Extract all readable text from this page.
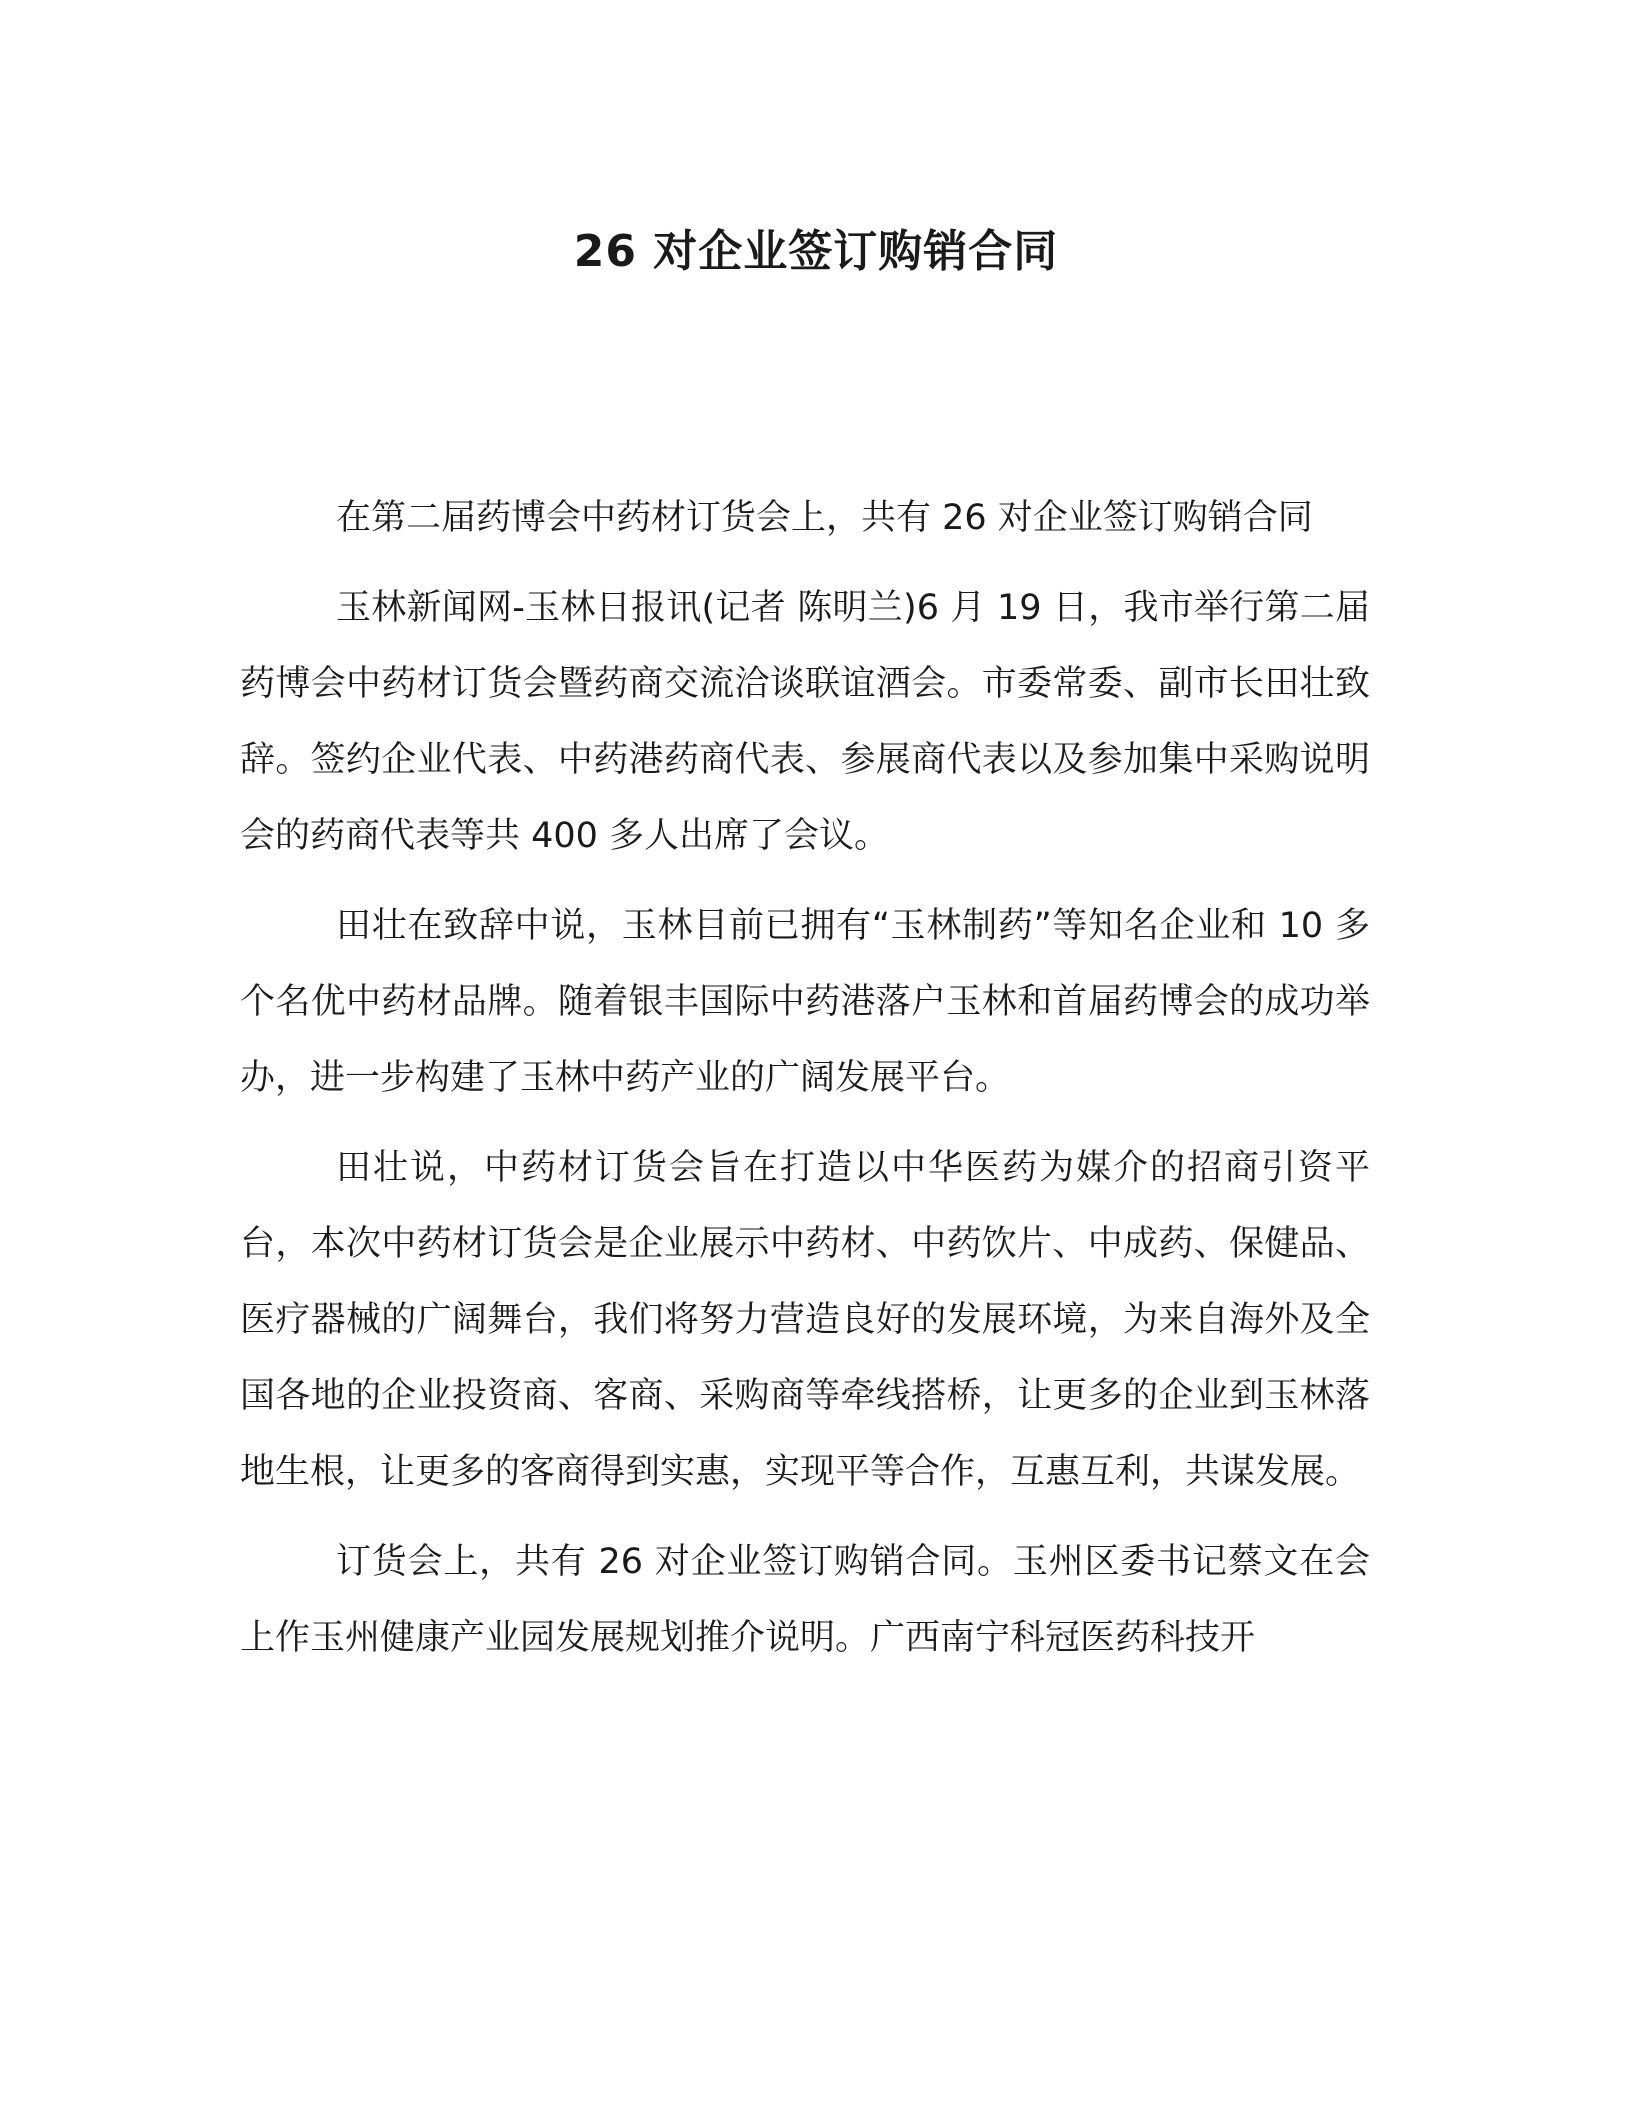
26 对企业签订购销合同

在第二届药博会中药材订货会上，共有 26 对企业签订购销合同

玉林新闻网-玉林日报讯(记者 陈明兰)6 月 19 日，我市举行第二届药博会中药材订货会暨药商交流洽谈联谊酒会。市委常委、副市长田壮致辞。签约企业代表、中药港药商代表、参展商代表以及参加集中采购说明会的药商代表等共 400 多人出席了会议。

田壮在致辞中说，玉林目前已拥有“玉林制药”等知名企业和 10 多个名优中药材品牌。随着银丰国际中药港落户玉林和首届药博会的成功举办，进一步构建了玉林中药产业的广阔发展平台。

田壮说，中药材订货会旨在打造以中华医药为媒介的招商引资平台，本次中药材订货会是企业展示中药材、中药饮片、中成药、保健品、医疗器械的广阔舞台，我们将努力营造良好的发展环境，为来自海外及全国各地的企业投资商、客商、采购商等牵线搭桥，让更多的企业到玉林落地生根，让更多的客商得到实惠，实现平等合作，互惠互利，共谋发展。

订货会上，共有 26 对企业签订购销合同。玉州区委书记蔡文在会上作玉州健康产业园发展规划推介说明。广西南宁科冠医药科技开
